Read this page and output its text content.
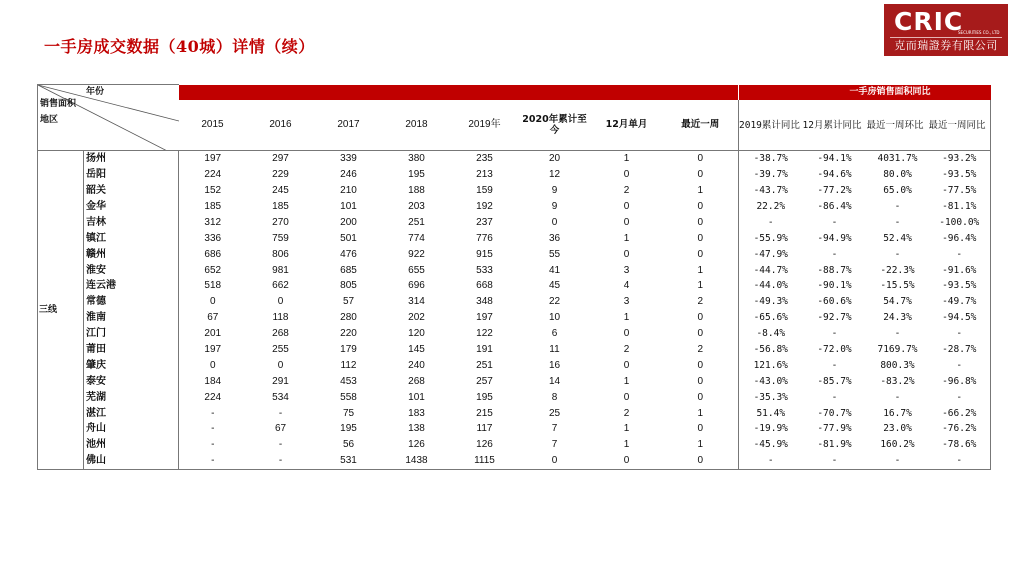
一手房成交数据（40城）详情（续）
CRIC
SECURITIES CO., LTD
克而瑞證券有限公司
年份
销售面积
地区										一手房销售面积同比			
		2015	2016	2017	2018	2019年	2020年累计至今	12月单月	最近一周	2019累计同比	12月累计同比	最近一周环比	最近一周同比
三线	扬州	197	297	339	380	235	20	1	0	-38.7%	-94.1%	4031.7%	-93.2%
	岳阳	224	229	246	195	213	12	0	0	-39.7%	-94.6%	80.0%	-93.5%
	韶关	152	245	210	188	159	9	2	1	-43.7%	-77.2%	65.0%	-77.5%
	金华	185	185	101	203	192	9	0	0	22.2%	-86.4%	-	-81.1%
	吉林	312	270	200	251	237	0	0	0	-	-	-	-100.0%
	镇江	336	759	501	774	776	36	1	0	-55.9%	-94.9%	52.4%	-96.4%
	赣州	686	806	476	922	915	55	0	0	-47.9%	-	-	-
	淮安	652	981	685	655	533	41	3	1	-44.7%	-88.7%	-22.3%	-91.6%
	连云港	518	662	805	696	668	45	4	1	-44.0%	-90.1%	-15.5%	-93.5%
	常德	0	0	57	314	348	22	3	2	-49.3%	-60.6%	54.7%	-49.7%
	淮南	67	118	280	202	197	10	1	0	-65.6%	-92.7%	24.3%	-94.5%
	江门	201	268	220	120	122	6	0	0	-8.4%	-	-	-
	莆田	197	255	179	145	191	11	2	2	-56.8%	-72.0%	7169.7%	-28.7%
	肇庆	0	0	112	240	251	16	0	0	121.6%	-	800.3%	-
	泰安	184	291	453	268	257	14	1	0	-43.0%	-85.7%	-83.2%	-96.8%
	芜湖	224	534	558	101	195	8	0	0	-35.3%	-	-	-
	湛江	-	-	75	183	215	25	2	1	51.4%	-70.7%	16.7%	-66.2%
	舟山	-	67	195	138	117	7	1	0	-19.9%	-77.9%	23.0%	-76.2%
	池州	-	-	56	126	126	7	1	1	-45.9%	-81.9%	160.2%	-78.6%
	佛山	-	-	531	1438	1115	0	0	0	-	-	-	-
